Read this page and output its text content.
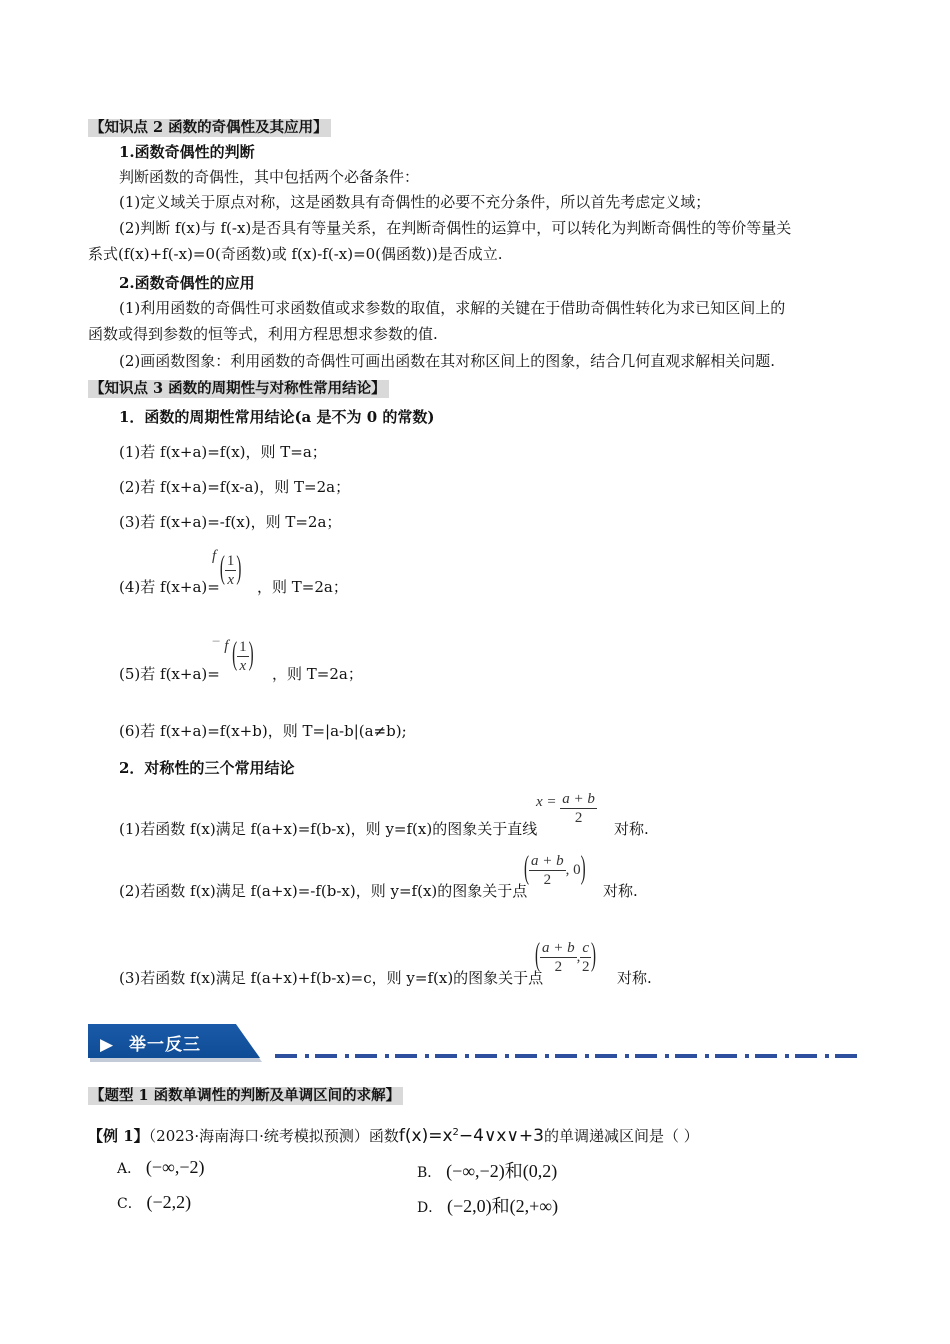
【知识点 2 函数的奇偶性及其应用】
1.函数奇偶性的判断
判断函数的奇偶性，其中包括两个必备条件：
(1)定义域关于原点对称，这是函数具有奇偶性的必要不充分条件，所以首先考虑定义域；
(2)判断 f(x)与 f(-x)是否具有等量关系，在判断奇偶性的运算中，可以转化为判断奇偶性的等价等量关
系式(f(x)+f(-x)=0(奇函数)或 f(x)-f(-x)=0(偶函数))是否成立.
2.函数奇偶性的应用
(1)利用函数的奇偶性可求函数值或求参数的取值，求解的关键在于借助奇偶性转化为求已知区间上的
函数或得到参数的恒等式，利用方程思想求参数的值.
(2)画函数图象：利用函数的奇偶性可画出函数在其对称区间上的图象，结合几何直观求解相关问题.
【知识点 3 函数的周期性与对称性常用结论】
1．函数的周期性常用结论(a 是不为 0 的常数)
(1)若 f(x+a)=f(x)，则 T=a；
(2)若 f(x+a)=f(x-a)，则 T=2a；
(3)若 f(x+a)=-f(x)，则 T=2a；
(4)若 f(x+a)=
f ( $\frac{1}{x}$ ) ，则 T=2a；
(5)若 f(x+a)=
− f ( $\frac{1}{x}$ )
，则 T=2a；
(6)若 f(x+a)=f(x+b)，则 T=|a-b|(a≠b);
2．对称性的三个常用结论
(1)若函数 f(x)满足 f(a+x)=f(b-x)，则 y=f(x)的图象关于直线
$x = \frac{a + b}{2}$
对称.
(2)若函数 f(x)满足 f(a+x)=-f(b-x)，则 y=f(x)的图象关于点
( $\frac{a + b}{2}$ , 0)
对称.
(3)若函数 f(x)满足 f(a+x)+f(b-x)=c，则 y=f(x)的图象关于点
( $\frac{a + b}{2}$ , $\frac{c}{2}$ )
对称.
▶ 举一反三
【题型 1 函数单调性的判断及单调区间的求解】
【例 1】（2023·海南海口·统考模拟预测）函数$f(x)=x^2-4\vee x\vee+3$的单调递减区间是（ ）
A． (−∞,−2)	B． (−∞,−2)和(0,2)
C． (−2,2)	D． (−2,0)和(2,+∞)
